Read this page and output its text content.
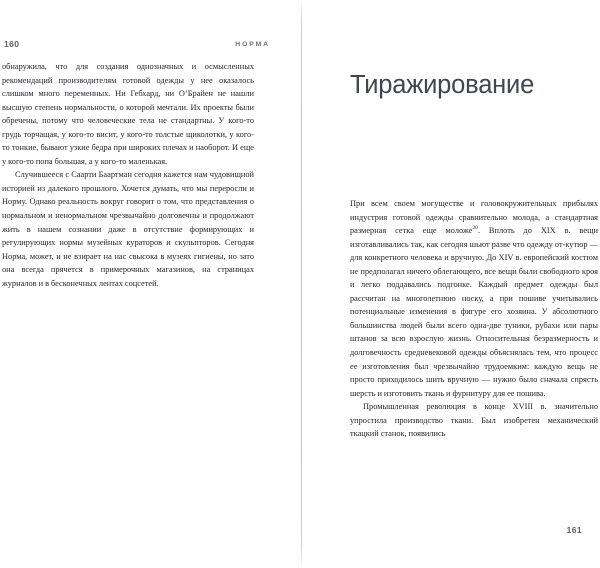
160	НОРМА

обнаружила, что для создания однозначных и осмысленных рекомендаций производителям готовой одежды у нее оказалось слишком много переменных. Ни Гебхард, ни О’Брайен не нашли высшую степень нормальности, о которой мечтали. Их проекты были обречены, потому что человеческие тела не стандартны. У кого-то грудь торчащая, у кого-то висит, у кого-то толстые щиколотки, у кого-то тонкие, бывают узкие бедра при широких плечах и наоборот. И еще у кого-то попа большая, а у кого-то маленькая.

Случившееся с Саарти Баартман сегодня кажется нам чудовищной историей из далекого прошлого. Хочется думать, что мы переросли и Норму. Однако реальность вокруг говорит о том, что представления о нормальном и ненормальном чрезвычайно долговечны и продолжают жить в нашем сознании даже в отсутствие формирующих и регулирующих нормы музейных кураторов и скульпторов. Сегодня Норма, может, и не взирает на нас свысока в музеях гигиены, но зато она всегда прячется в примерочных магазинов, на страницах журналов и в бесконечных лентах соцсетей.

Тиражирование

При всем своем могуществе и головокружительных прибылях индустрия готовой одежды сравнительно молода, а стандартная размерная сетка еще моложе$^{20}$. Вплоть до XIX в. вещи изготавливались так, как сегодня шьют разве что одежду от-кутюр — для конкретного человека и вручную. До XIV в. европейский костюм не предполагал ничего облегающего, все вещи были свободного кроя и легко поддавались подгонке. Каждый предмет одежды был рассчитан на многолетнюю носку, а при пошиве учитывались потенциальные изменения в фигуре его хозяина. У абсолютного большинства людей были всего одна-две туники, рубахи или пары штанов за всю взрослую жизнь. Относительная безразмерность и долговечность средневековой одежды объяснялась тем, что процесс ее изготовления был чрезвычайно трудоемким: каждую вещь не просто приходилось шить вручную — нужно было сначала спрясть шерсть и изготовить ткань и фурнитуру для ее пошива.

Промышленная революция в конце XVIII в. значительно упростила производство ткани. Был изобретен механический ткацкий станок, появились

161
